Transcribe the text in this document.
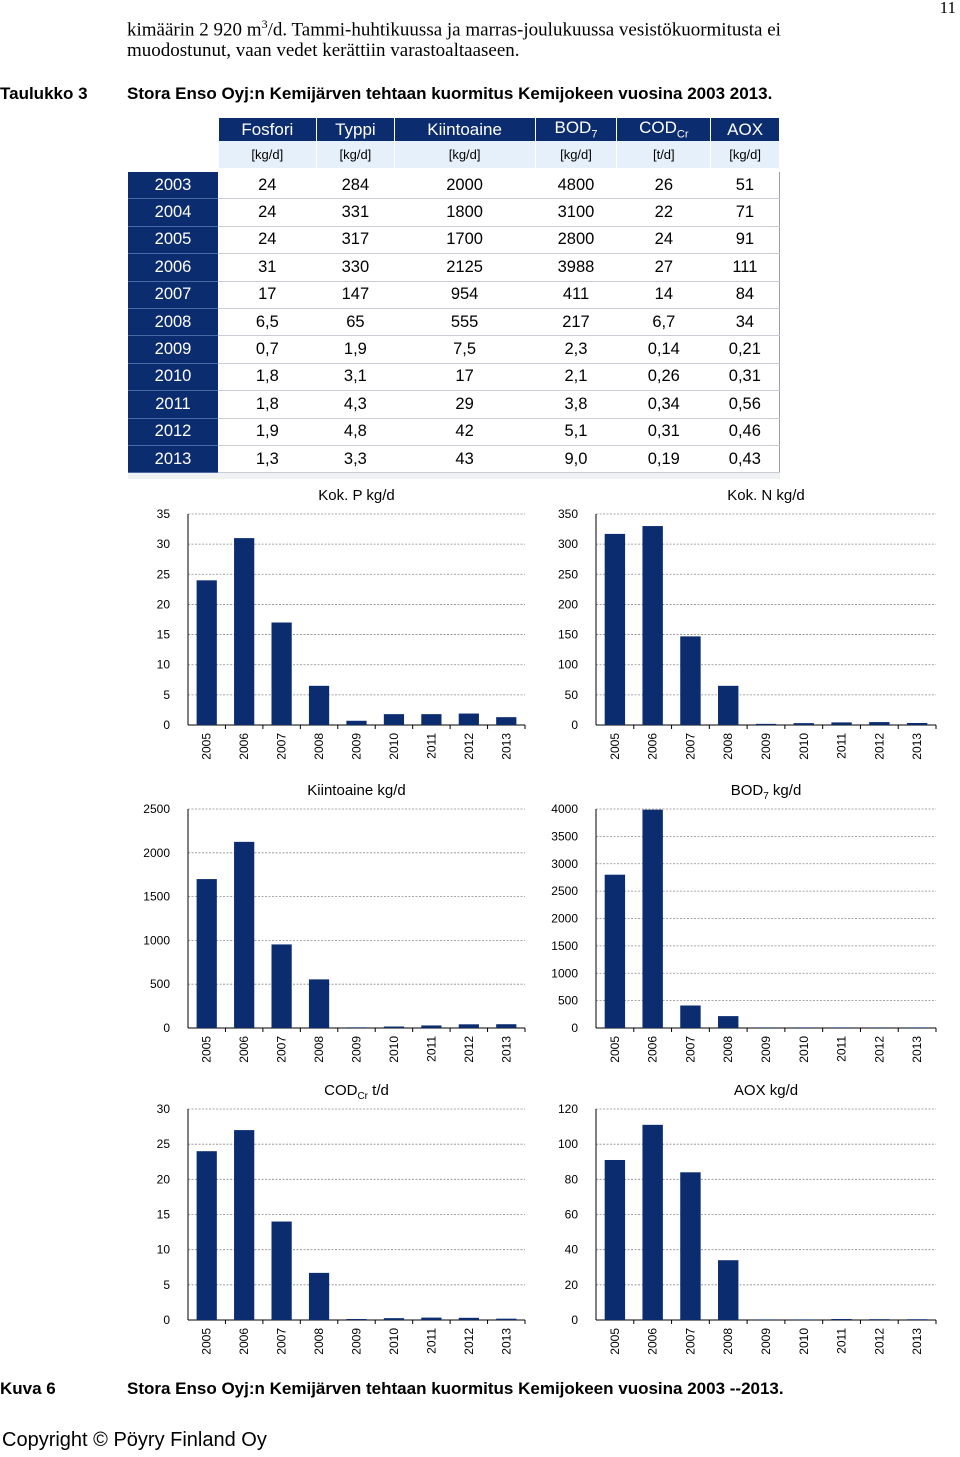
11
kimäärin 2 920 $m^3/d$. Tammi-huhtikuussa ja marras-joulukuussa vesistökuormitusta ei
muodostunut, vaan vedet kerättiin varastoaltaaseen.
Taulukko 3 Stora Enso Oyj:n Kemijärven tehtaan kuormitus Kemijokeen vuosina 2003 2013.
	Fosfori	Typpi	Kiintoaine	$BOD_7$	$COD_{Cr}$	AOX
	[kg/d]	[kg/d]	[kg/d]	[kg/d]	[t/d]	[kg/d]

2003	24	284	2000	4800	26	51
2004	24	331	1800	3100	22	71
2005	24	317	1700	2800	24	91
2006	31	330	2125	3988	27	111
2007	17	147	954	411	14	84
2008	6,5	65	555	217	6,7	34
2009	0,7	1,9	7,5	2,3	0,14	0,21
2010	1,8	3,1	17	2,1	0,26	0,31
2011	1,8	4,3	29	3,8	0,34	0,56
2012	1,9	4,8	42	5,1	0,31	0,46
2013	1,3	3,3	43	9,0	0,19	0,43

0
5
10
15
20
25
30
35
2005 2006 2007 2008 2009 2010 2011 2012 2013
Kok. P kg/d
0
50
100
150
200
250
300
350
2005 2006 2007 2008 2009 2010 2011 2012 2013
Kok. N kg/d
0
500
1000
1500
2000
2500
2005 2006 2007 2008 2009 2010 2011 2012 2013
Kiintoaine kg/d
0
500
1000
1500
2000
2500
3000
3500
4000
2005 2006 2007 2008 2009 2010 2011 2012 2013
$BOD_7$ kg/d
0
5
10
15
20
25
30
2005 2006 2007 2008 2009 2010 2011 2012 2013
$COD_{Cr}$ t/d
0
20
40
60
80
100
120
2005 2006 2007 2008 2009 2010 2011 2012 2013
AOX kg/d
Kuva 6	Stora Enso Oyj:n Kemijärven tehtaan kuormitus Kemijokeen vuosina 2003 --2013.
Copyright © Pöyry Finland Oy
